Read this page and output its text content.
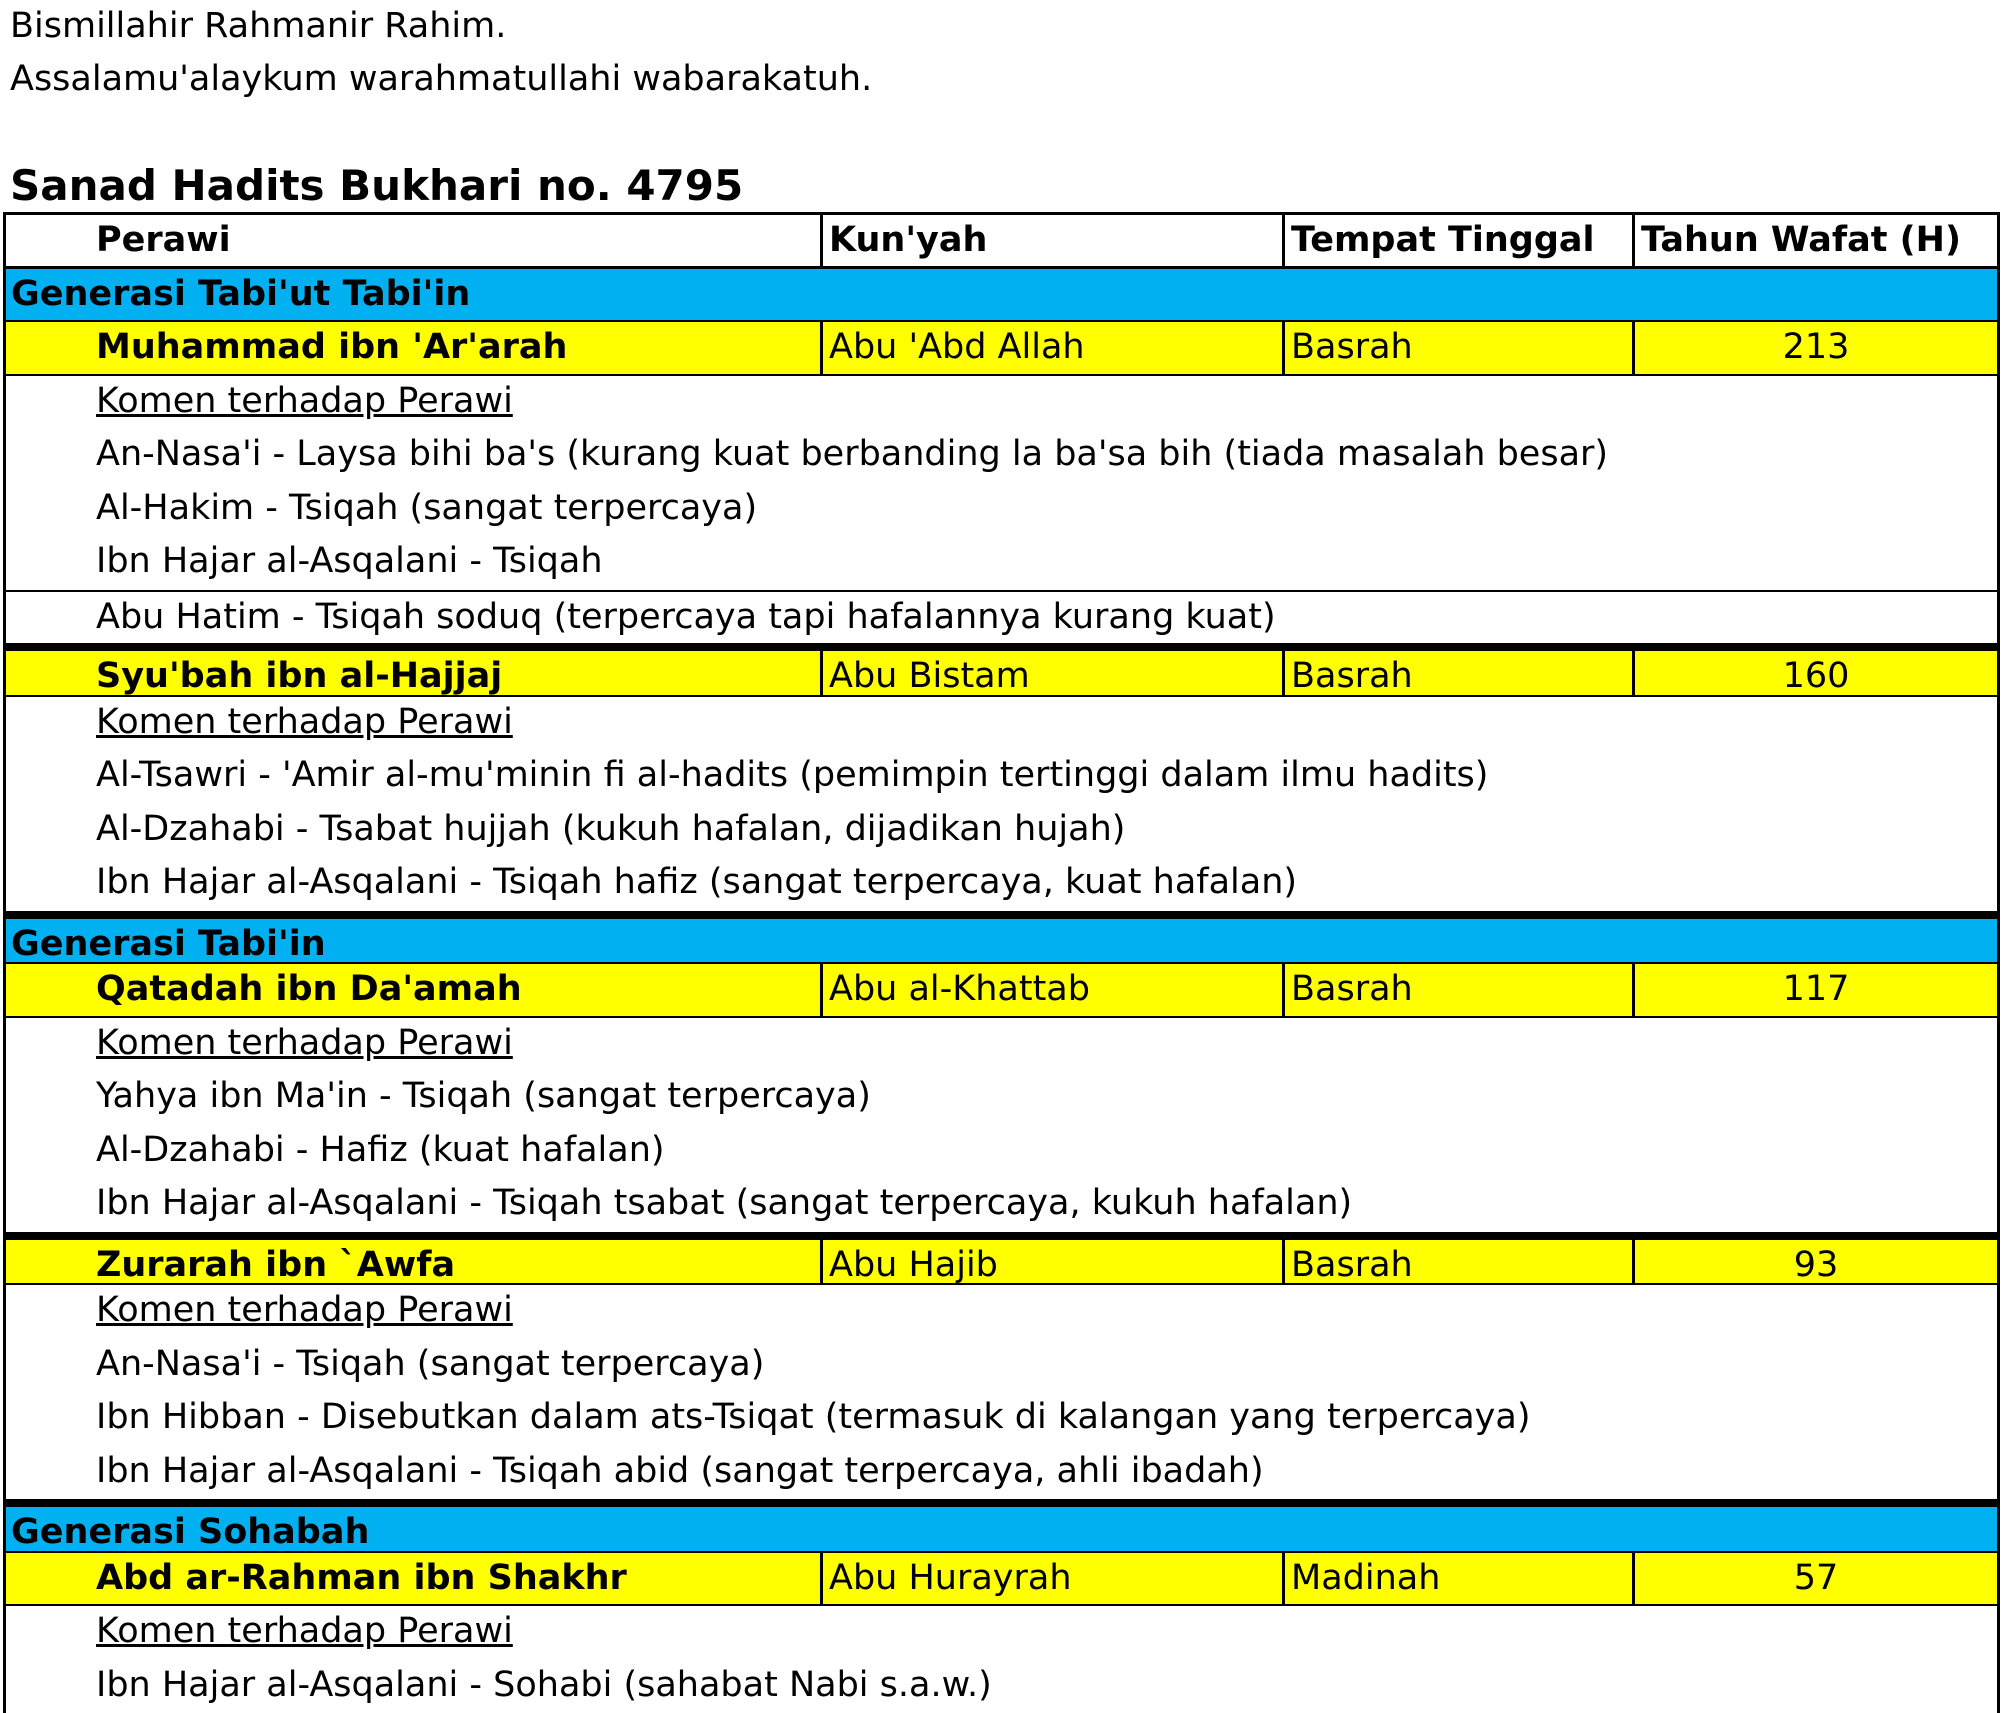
Bismillahir Rahmanir Rahim.
Assalamu'alaykum warahmatullahi wabarakatuh.
Sanad Hadits Bukhari no. 4795
Perawi	Kun'yah	Tempat Tinggal	Tahun Wafat (H)
Generasi Tabi'ut Tabi'in
Muhammad ibn 'Ar'arah	Abu 'Abd Allah	Basrah	213
Komen terhadap Perawi
An-Nasa'i - Laysa bihi ba's (kurang kuat berbanding la ba'sa bih (tiada masalah besar)
Al-Hakim - Tsiqah (sangat terpercaya)
Ibn Hajar al-Asqalani - Tsiqah
Abu Hatim - Tsiqah soduq (terpercaya tapi hafalannya kurang kuat)
Syu'bah ibn al-Hajjaj	Abu Bistam	Basrah	160
Komen terhadap Perawi
Al-Tsawri - 'Amir al-mu'minin fi al-hadits (pemimpin tertinggi dalam ilmu hadits)
Al-Dzahabi - Tsabat hujjah (kukuh hafalan, dijadikan hujah)
Ibn Hajar al-Asqalani - Tsiqah hafiz (sangat terpercaya, kuat hafalan)
Generasi Tabi'in
Qatadah ibn Da'amah	Abu al-Khattab	Basrah	117
Komen terhadap Perawi
Yahya ibn Ma'in - Tsiqah (sangat terpercaya)
Al-Dzahabi - Hafiz (kuat hafalan)
Ibn Hajar al-Asqalani - Tsiqah tsabat (sangat terpercaya, kukuh hafalan)
Zurarah ibn `Awfa	Abu Hajib	Basrah	93
Komen terhadap Perawi
An-Nasa'i - Tsiqah (sangat terpercaya)
Ibn Hibban - Disebutkan dalam ats-Tsiqat (termasuk di kalangan yang terpercaya)
Ibn Hajar al-Asqalani - Tsiqah abid (sangat terpercaya, ahli ibadah)
Generasi Sohabah
Abd ar-Rahman ibn Shakhr	Abu Hurayrah	Madinah	57
Komen terhadap Perawi
Ibn Hajar al-Asqalani - Sohabi (sahabat Nabi s.a.w.)
